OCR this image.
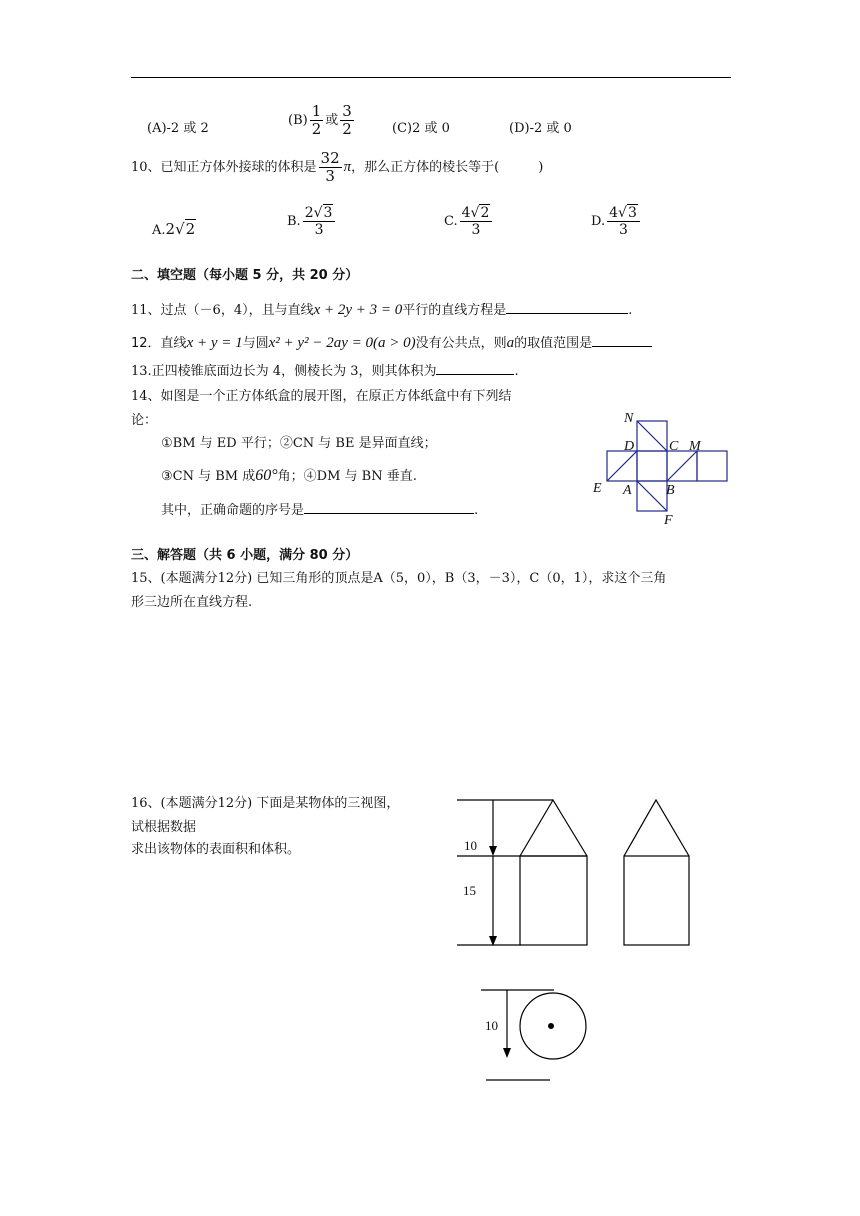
(A)-2 或 2
$(B) \frac{1}{2}$ 或 $\frac{3}{2}$	(C)2 或 0	(D)-2 或 0
10、已知正方体外接球的体积是 $\frac{32}{3}$ π，那么正方体的棱长等于(　　　)
A.2√2	B. $\frac{2√3}{3}$	C. $\frac{4√2}{3}$	D. $\frac{4√3}{3}$
二、填空题（每小题 5 分，共 20 分）
11、过点（－6，4），且与直线x + 2y + 3 = 0平行的直线方程是	.
12．直线x + y = 1与圆x² + y² − 2ay = 0(a > 0)没有公共点，则a的取值范围是
13.正四棱锥底面边长为 4，侧棱长为 3，则其体积为	.
14、如图是一个正方体纸盒的展开图，在原正方体纸盒中有下列结
论：
①BM 与 ED 平行；②CN 与 BE 是异面直线；
③CN 与 BM 成60°角；④DM 与 BN 垂直.
其中，正确命题的序号是	.
N
D C M
E A B
F
三、解答题（共 6 小题，满分 80 分）
15、(本题满分12分) 已知三角形的顶点是A（5，0），B（3，－3），C（0，1），求这个三角
形三边所在直线方程.
16、(本题满分12分) 下面是某物体的三视图，
试根据数据
求出该物体的表面积和体积。	10
15
10
